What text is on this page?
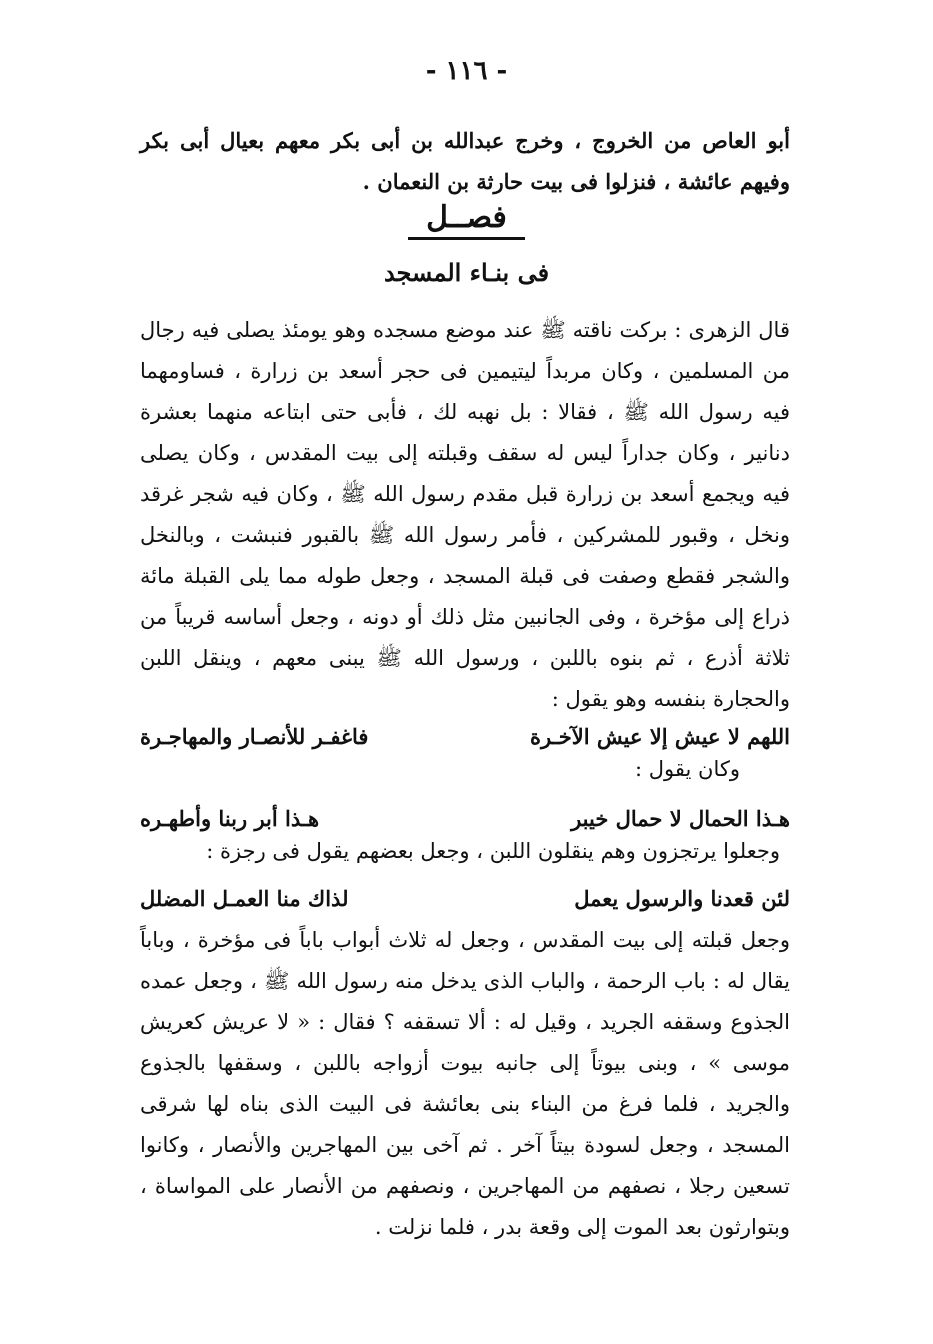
- ١١٦ -
أبو العاص من الخروج ، وخرج عبدالله بن أبى بكر معهم بعيال أبى بكر وفيهم عائشة ، فنزلوا فى بيت حارثة بن النعمان .
فصــل
فى بنـاء المسجد
قال الزهرى : بركت ناقته ﷺ عند موضع مسجده وهو يومئذ يصلى فيه رجال من المسلمين ، وكان مربداً ليتيمين فى حجر أسعد بن زرارة ، فساومهما فيه رسول الله ﷺ ، فقالا : بل نهبه لك ، فأبى حتى ابتاعه منهما بعشرة دنانير ، وكان جداراً ليس له سقف وقبلته إلى بيت المقدس ، وكان يصلى فيه ويجمع أسعد بن زرارة قبل مقدم رسول الله ﷺ ، وكان فيه شجر غرقد ونخل ، وقبور للمشركين ، فأمر رسول الله ﷺ بالقبور فنبشت ، وبالنخل والشجر فقطع وصفت فى قبلة المسجد ، وجعل طوله مما يلى القبلة مائة ذراع إلى مؤخرة ، وفى الجانبين مثل ذلك أو دونه ، وجعل أساسه قريباً من ثلاثة أذرع ، ثم بنوه باللبن ، ورسول الله ﷺ يبنى معهم ، وينقل اللبن والحجارة بنفسه وهو يقول :
اللهم لا عيش إلا عيش الآخـرة
فاغفـر للأنصـار والمهاجـرة
وكان يقول :
هـذا الحمال لا حمال خيبر
هـذا أبر ربنا وأطهـره
وجعلوا يرتجزون وهم ينقلون اللبن ، وجعل بعضهم يقول فى رجزة :
لئن قعدنا والرسول يعمل
لذاك منا العمـل المضلل
وجعل قبلته إلى بيت المقدس ، وجعل له ثلاث أبواب باباً فى مؤخرة ، وباباً يقال له : باب الرحمة ، والباب الذى يدخل منه رسول الله ﷺ ، وجعل عمده الجذوع وسقفه الجريد ، وقيل له : ألا تسقفه ؟ فقال : « لا عريش كعريش موسى » ، وبنى بيوتاً إلى جانبه بيوت أزواجه باللبن ، وسقفها بالجذوع والجريد ، فلما فرغ من البناء بنى بعائشة فى البيت الذى بناه لها شرقى المسجد ، وجعل لسودة بيتاً آخر . ثم آخى بين المهاجرين والأنصار ، وكانوا تسعين رجلا ، نصفهم من المهاجرين ، ونصفهم من الأنصار على المواساة ، وبتوارثون بعد الموت إلى وقعة بدر ، فلما نزلت .
